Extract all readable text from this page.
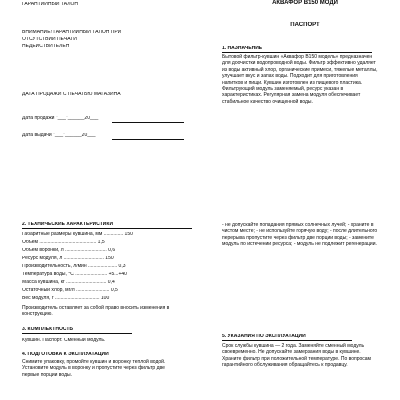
ГАРАНТИЙНЫЙ ТАЛОН
ВНИМАНИЕ! ГАРАНТИЙНЫЙ ТАЛОН ПРИ
ОТСУТСТВИИ ПЕЧАТИ
НЕДЕЙСТВИТЕЛЕН
ДАТА ПРОДАЖИ С ПЕЧАТЬЮ МАГАЗИНА
Дата продажи "___"______20___
Дата выдачи "___"______20___
АКВАФОР В150 МОДИ
ПАСПОРТ
1. НАЗНАЧЕНИЕ

Бытовой фильтр-кувшин «Аквафор В150 модель» предназначен для доочистки водопроводной воды. Фильтр эффективно удаляет из воды активный хлор, органические примеси, тяжелые металлы, улучшает вкус и запах воды. Подходит для приготовления напитков и пищи. Кувшин изготовлен из пищевого пластика. Фильтрующий модуль заменяемый, ресурс указан в характеристиках. Регулярная замена модуля обеспечивает стабильное качество очищенной воды.

2. ТЕХНИЧЕСКИЕ ХАРАКТЕРИСТИКИ
Габаритные размеры кувшина, мм .............. 150
Объем ......................................... 1,5
Объем воронки, л .............................. 0,6
Ресурс модуля, л ............................. 150
Производительность, л/мин ..................... 0,3
Температура воды, °С ....................... +5...+40
Масса кувшина, кг ............................. 0,4
Остаточный хлор, мг/л ........................ 0,5
Вес модуля, г ................................ 100

Производитель оставляет за собой право вносить изменения в конструкцию.

3. КОМПЛЕКТНОСТЬ
Кувшин. Паспорт. Сменный модуль.
4. ПОДГОТОВКА К ЭКСПЛУАТАЦИИ

Снимите упаковку, промойте кувшин и воронку теплой водой. Установите модуль в воронку и пропустите через фильтр две первые порции воды.

- не допускайте попадания прямых солнечных лучей; - храните в чистом месте; - не используйте горячую воду; - после длительного перерыва пропустите через фильтр две порции воды; - замените модуль по истечении ресурса; - модуль не подлежит регенерации.

5. УКАЗАНИЯ ПО ЭКСПЛУАТАЦИИ

Срок службы кувшина — 2 года. Заменяйте сменный модуль своевременно. Не допускайте замерзания воды в кувшине. Храните фильтр при положительной температуре. По вопросам гарантийного обслуживания обращайтесь к продавцу.
